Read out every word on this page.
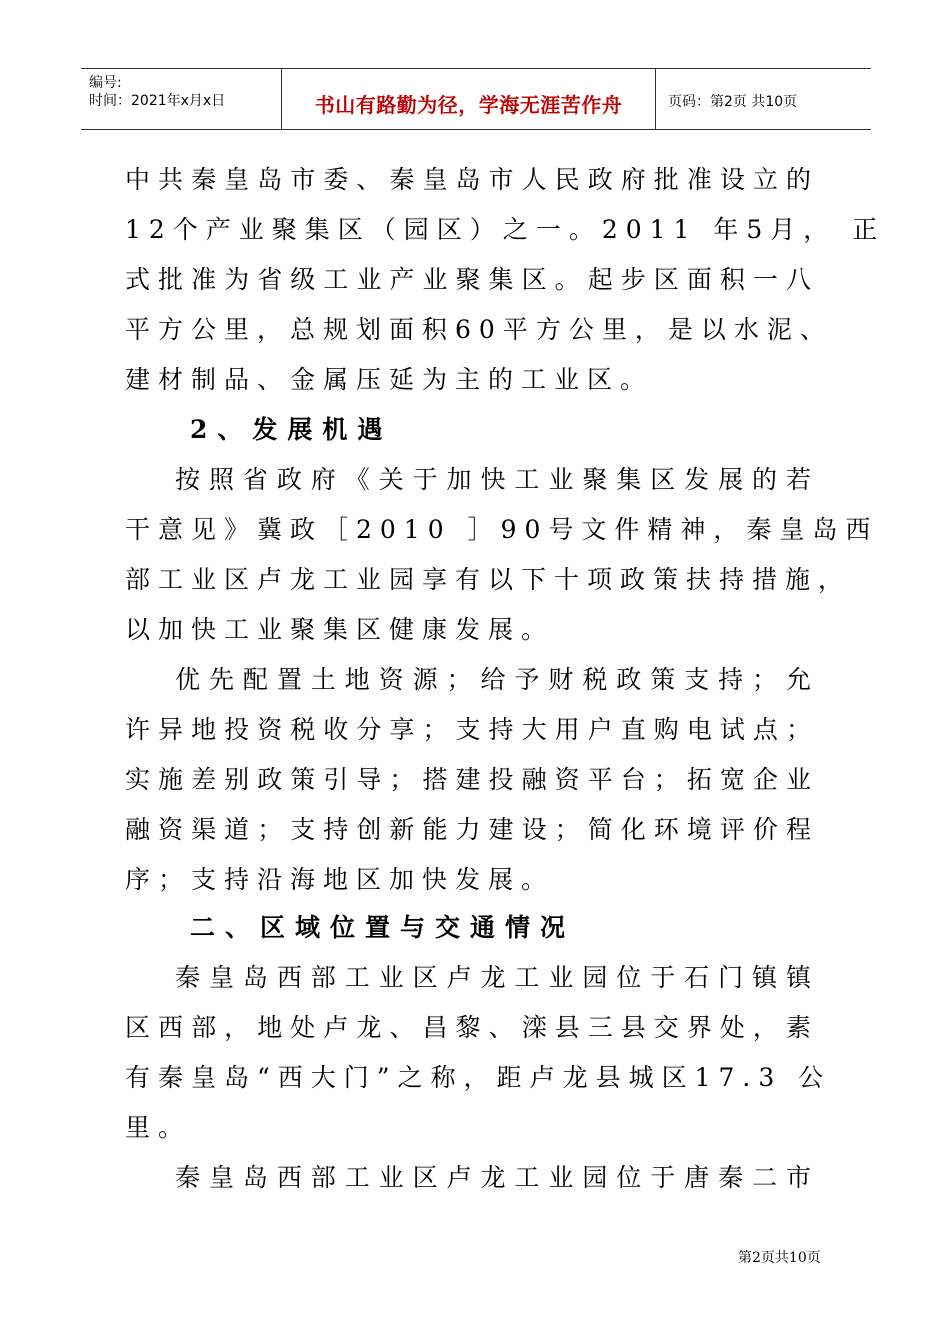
编号:
时间：2021年x月x日	书山有路勤为径，学海无涯苦作舟	页码：第2页 共10页
中共秦皇岛市委、秦皇岛市人民政府批准设立的
12个产业聚集区（园区）之一。2011 年5月， 正
式批准为省级工业产业聚集区。起步区面积一八
平方公里，总规划面积60平方公里，是以水泥、
建材制品、金属压延为主的工业区。
2、发展机遇
按照省政府《关于加快工业聚集区发展的若
干意见》冀政［2010 ］90号文件精神，秦皇岛西
部工业区卢龙工业园享有以下十项政策扶持措施，
以加快工业聚集区健康发展。
优先配置土地资源；给予财税政策支持；允
许异地投资税收分享；支持大用户直购电试点；
实施差别政策引导；搭建投融资平台；拓宽企业
融资渠道；支持创新能力建设；简化环境评价程
序；支持沿海地区加快发展。
二、区域位置与交通情况
秦皇岛西部工业区卢龙工业园位于石门镇镇
区西部，地处卢龙、昌黎、滦县三县交界处，素
有秦皇岛“西大门”之称，距卢龙县城区17.3 公
里。
秦皇岛西部工业区卢龙工业园位于唐秦二市
第2页共10页
